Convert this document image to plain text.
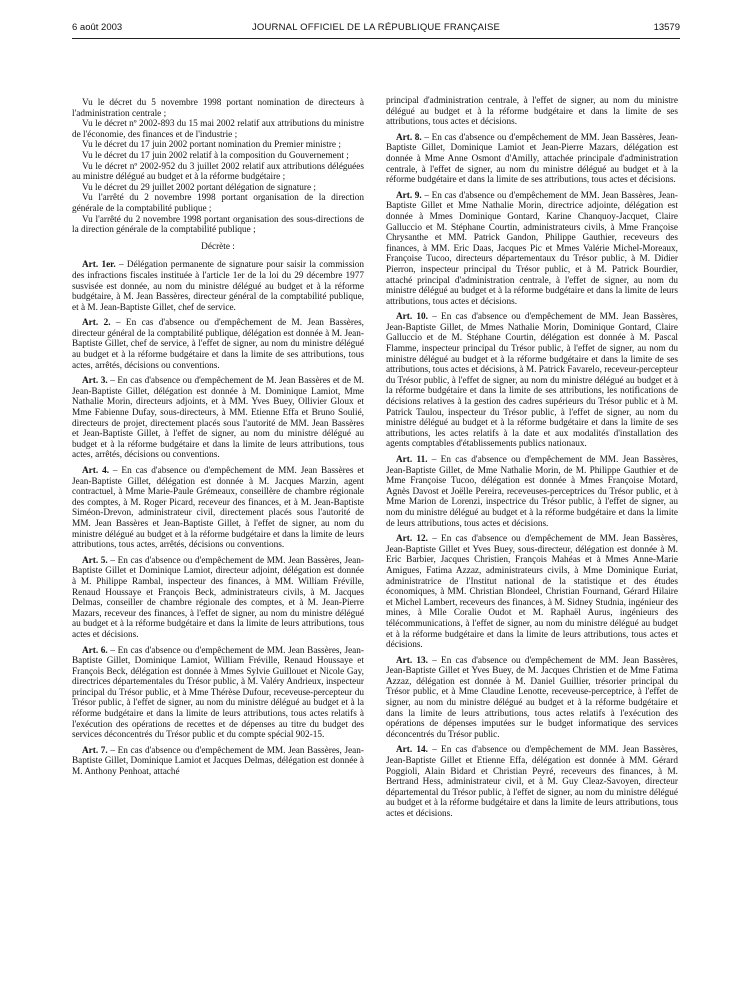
6 août 2003	JOURNAL OFFICIEL DE LA RÉPUBLIQUE FRANÇAISE	13579

Vu le décret du 5 novembre 1998 portant nomination de directeurs à l'administration centrale ;

Vu le décret nº 2002-893 du 15 mai 2002 relatif aux attributions du ministre de l'économie, des finances et de l'industrie ;

Vu le décret du 17 juin 2002 portant nomination du Premier ministre ;

Vu le décret du 17 juin 2002 relatif à la composition du Gouvernement ;

Vu le décret nº 2002-952 du 3 juillet 2002 relatif aux attributions déléguées au ministre délégué au budget et à la réforme budgétaire ;

Vu le décret du 29 juillet 2002 portant délégation de signature ;

Vu l'arrêté du 2 novembre 1998 portant organisation de la direction générale de la comptabilité publique ;

Vu l'arrêté du 2 novembre 1998 portant organisation des sous-directions de la direction générale de la comptabilité publique ;

Décrète :

Art. 1er. – Délégation permanente de signature pour saisir la commission des infractions fiscales instituée à l'article 1er de la loi du 29 décembre 1977 susvisée est donnée, au nom du ministre délégué au budget et à la réforme budgétaire, à M. Jean Bassères, directeur général de la comptabilité publique, et à M. Jean-Baptiste Gillet, chef de service.

Art. 2. – En cas d'absence ou d'empêchement de M. Jean Bassères, directeur général de la comptabilité publique, délégation est donnée à M. Jean-Baptiste Gillet, chef de service, à l'effet de signer, au nom du ministre délégué au budget et à la réforme budgétaire et dans la limite de ses attributions, tous actes, arrêtés, décisions ou conventions.

Art. 3. – En cas d'absence ou d'empêchement de M. Jean Bassères et de M. Jean-Baptiste Gillet, délégation est donnée à M. Dominique Lamiot, Mme Nathalie Morin, directeurs adjoints, et à MM. Yves Buey, Ollivier Gloux et Mme Fabienne Dufay, sous-directeurs, à MM. Etienne Effa et Bruno Soulié, directeurs de projet, directement placés sous l'autorité de MM. Jean Bassères et Jean-Baptiste Gillet, à l'effet de signer, au nom du ministre délégué au budget et à la réforme budgétaire et dans la limite de leurs attributions, tous actes, arrêtés, décisions ou conventions.

Art. 4. – En cas d'absence ou d'empêchement de MM. Jean Bassères et Jean-Baptiste Gillet, délégation est donnée à M. Jacques Marzin, agent contractuel, à Mme Marie-Paule Grémeaux, conseillère de chambre régionale des comptes, à M. Roger Picard, receveur des finances, et à M. Jean-Baptiste Siméon-Drevon, administrateur civil, directement placés sous l'autorité de MM. Jean Bassères et Jean-Baptiste Gillet, à l'effet de signer, au nom du ministre délégué au budget et à la réforme budgétaire et dans la limite de leurs attributions, tous actes, arrêtés, décisions ou conventions.

Art. 5. – En cas d'absence ou d'empêchement de MM. Jean Bassères, Jean-Baptiste Gillet et Dominique Lamiot, directeur adjoint, délégation est donnée à M. Philippe Rambal, inspecteur des finances, à MM. William Fréville, Renaud Houssaye et François Beck, administrateurs civils, à M. Jacques Delmas, conseiller de chambre régionale des comptes, et à M. Jean-Pierre Mazars, receveur des finances, à l'effet de signer, au nom du ministre délégué au budget et à la réforme budgétaire et dans la limite de leurs attributions, tous actes et décisions.

Art. 6. – En cas d'absence ou d'empêchement de MM. Jean Bassères, Jean-Baptiste Gillet, Dominique Lamiot, William Fréville, Renaud Houssaye et François Beck, délégation est donnée à Mmes Sylvie Guillouet et Nicole Gay, directrices départementales du Trésor public, à M. Valéry Andrieux, inspecteur principal du Trésor public, et à Mme Thérèse Dufour, receveuse-percepteur du Trésor public, à l'effet de signer, au nom du ministre délégué au budget et à la réforme budgétaire et dans la limite de leurs attributions, tous actes relatifs à l'exécution des opérations de recettes et de dépenses au titre du budget des services déconcentrés du Trésor public et du compte spécial 902-15.

Art. 7. – En cas d'absence ou d'empêchement de MM. Jean Bassères, Jean-Baptiste Gillet, Dominique Lamiot et Jacques Delmas, délégation est donnée à M. Anthony Penhoat, attaché

principal d'administration centrale, à l'effet de signer, au nom du ministre délégué au budget et à la réforme budgétaire et dans la limite de ses attributions, tous actes et décisions.

Art. 8. – En cas d'absence ou d'empêchement de MM. Jean Bassères, Jean-Baptiste Gillet, Dominique Lamiot et Jean-Pierre Mazars, délégation est donnée à Mme Anne Osmont d'Amilly, attachée principale d'administration centrale, à l'effet de signer, au nom du ministre délégué au budget et à la réforme budgétaire et dans la limite de ses attributions, tous actes et décisions.

Art. 9. – En cas d'absence ou d'empêchement de MM. Jean Bassères, Jean-Baptiste Gillet et Mme Nathalie Morin, directrice adjointe, délégation est donnée à Mmes Dominique Gontard, Karine Chanquoy-Jacquet, Claire Galluccio et M. Stéphane Courtin, administrateurs civils, à Mme Françoise Chrysanthe et MM. Patrick Gandon, Philippe Gauthier, receveurs des finances, à MM. Eric Daas, Jacques Pic et Mmes Valérie Michel-Moreaux, Françoise Tucoo, directeurs départementaux du Trésor public, à M. Didier Pierron, inspecteur principal du Trésor public, et à M. Patrick Bourdier, attaché principal d'administration centrale, à l'effet de signer, au nom du ministre délégué au budget et à la réforme budgétaire et dans la limite de leurs attributions, tous actes et décisions.

Art. 10. – En cas d'absence ou d'empêchement de MM. Jean Bassères, Jean-Baptiste Gillet, de Mmes Nathalie Morin, Dominique Gontard, Claire Galluccio et de M. Stéphane Courtin, délégation est donnée à M. Pascal Flamme, inspecteur principal du Trésor public, à l'effet de signer, au nom du ministre délégué au budget et à la réforme budgétaire et dans la limite de ses attributions, tous actes et décisions, à M. Patrick Favarelo, receveur-percepteur du Trésor public, à l'effet de signer, au nom du ministre délégué au budget et à la réforme budgétaire et dans la limite de ses attributions, les notifications de décisions relatives à la gestion des cadres supérieurs du Trésor public et à M. Patrick Taulou, inspecteur du Trésor public, à l'effet de signer, au nom du ministre délégué au budget et à la réforme budgétaire et dans la limite de ses attributions, les actes relatifs à la date et aux modalités d'installation des agents comptables d'établissements publics nationaux.

Art. 11. – En cas d'absence ou d'empêchement de MM. Jean Bassères, Jean-Baptiste Gillet, de Mme Nathalie Morin, de M. Philippe Gauthier et de Mme Françoise Tucoo, délégation est donnée à Mmes Françoise Motard, Agnès Davost et Joëlle Pereira, receveuses-perceptrices du Trésor public, et à Mme Marion de Lorenzi, inspectrice du Trésor public, à l'effet de signer, au nom du ministre délégué au budget et à la réforme budgétaire et dans la limite de leurs attributions, tous actes et décisions.

Art. 12. – En cas d'absence ou d'empêchement de MM. Jean Bassères, Jean-Baptiste Gillet et Yves Buey, sous-directeur, délégation est donnée à M. Eric Barbier, Jacques Christien, François Mahéas et à Mmes Anne-Marie Amigues, Fatima Azzaz, administrateurs civils, à Mme Dominique Euriat, administratrice de l'Institut national de la statistique et des études économiques, à MM. Christian Blondeel, Christian Fournand, Gérard Hilaire et Michel Lambert, receveurs des finances, à M. Sidney Studnia, ingénieur des mines, à Mlle Coralie Oudot et M. Raphaël Aurus, ingénieurs des télécommunications, à l'effet de signer, au nom du ministre délégué au budget et à la réforme budgétaire et dans la limite de leurs attributions, tous actes et décisions.

Art. 13. – En cas d'absence ou d'empêchement de MM. Jean Bassères, Jean-Baptiste Gillet et Yves Buey, de M. Jacques Christien et de Mme Fatima Azzaz, délégation est donnée à M. Daniel Guillier, trésorier principal du Trésor public, et à Mme Claudine Lenotte, receveuse-perceptrice, à l'effet de signer, au nom du ministre délégué au budget et à la réforme budgétaire et dans la limite de leurs attributions, tous actes relatifs à l'exécution des opérations de dépenses imputées sur le budget informatique des services déconcentrés du Trésor public.

Art. 14. – En cas d'absence ou d'empêchement de MM. Jean Bassères, Jean-Baptiste Gillet et Etienne Effa, délégation est donnée à MM. Gérard Poggioli, Alain Bidard et Christian Peyré, receveurs des finances, à M. Bertrand Hess, administrateur civil, et à M. Guy Cleaz-Savoyen, directeur départemental du Trésor public, à l'effet de signer, au nom du ministre délégué au budget et à la réforme budgétaire et dans la limite de leurs attributions, tous actes et décisions.
